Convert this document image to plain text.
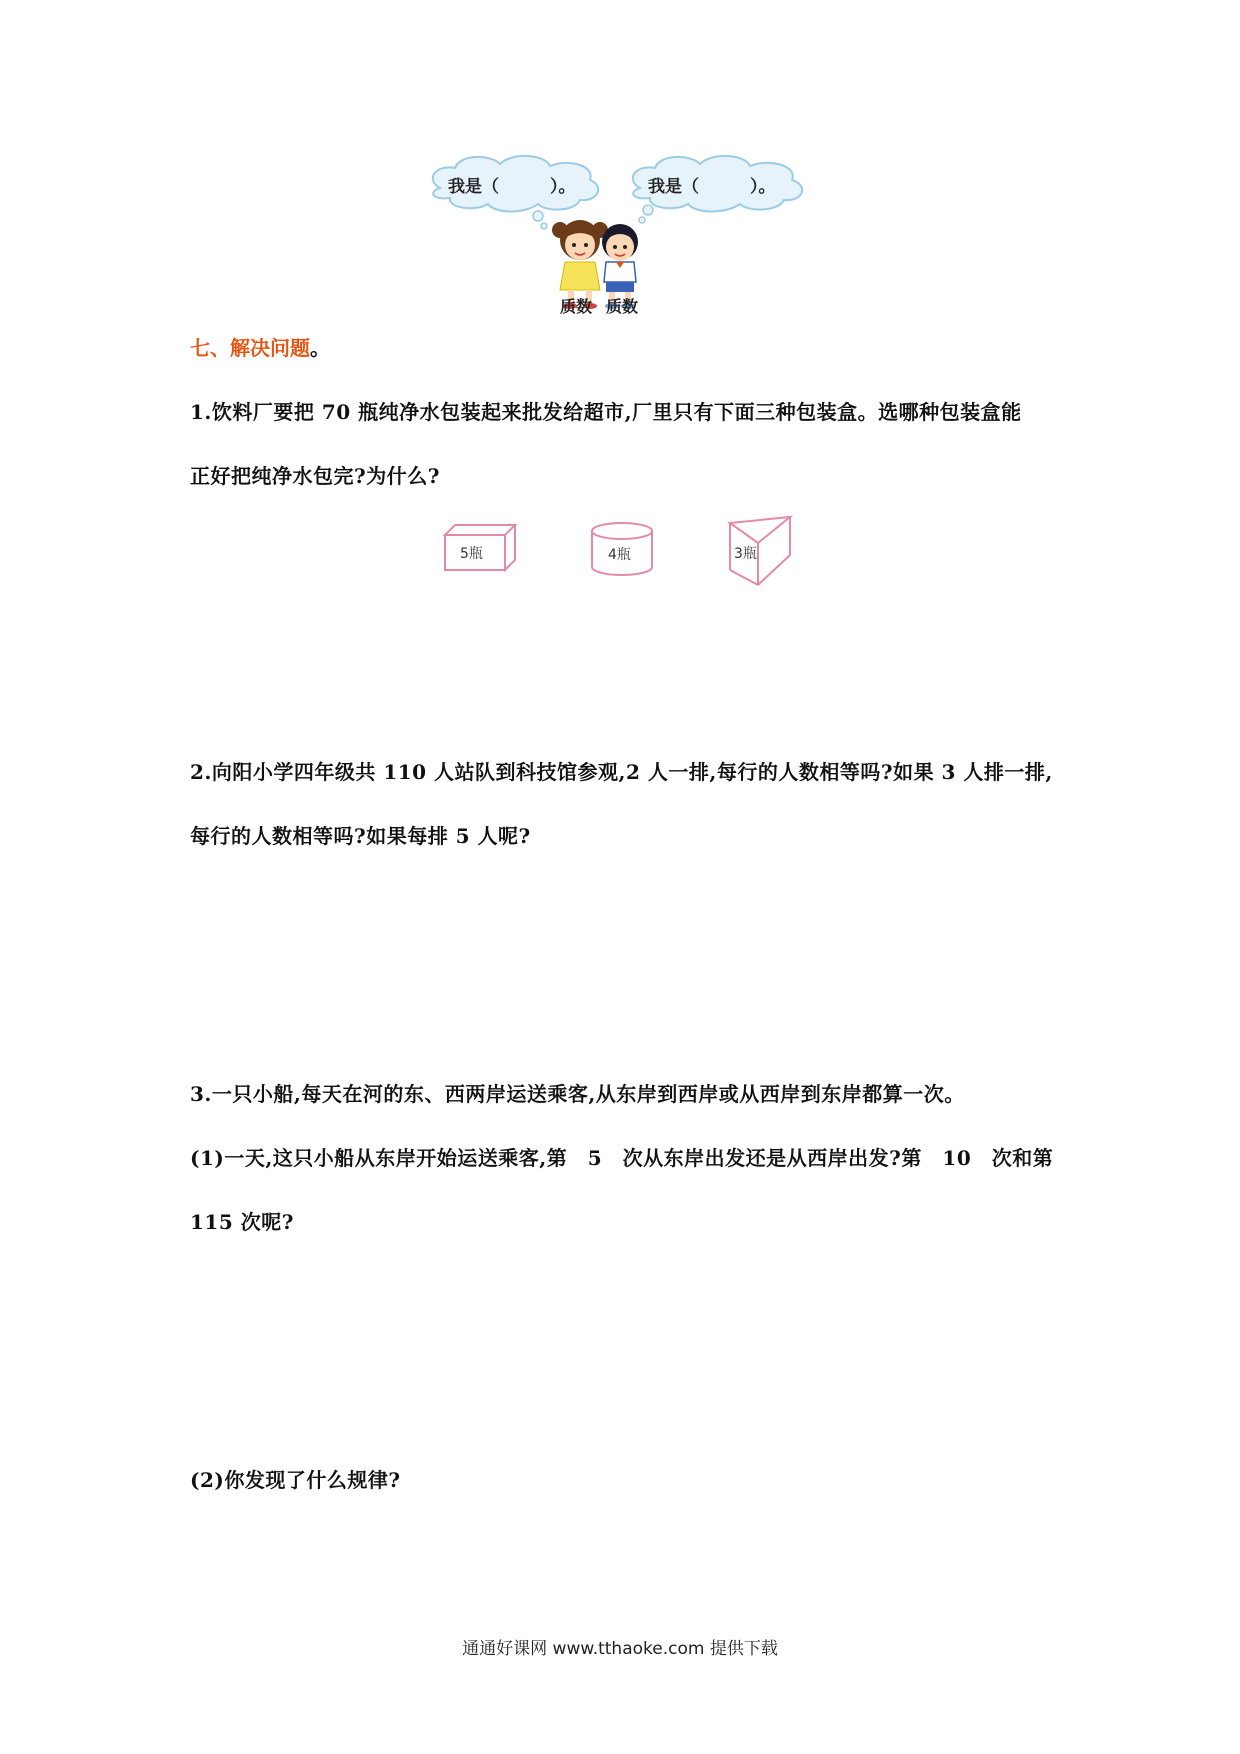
我是（　　　）。	我是（　　　）。
质数 质数
七、解决问题。
1.饮料厂要把 70 瓶纯净水包装起来批发给超市,厂里只有下面三种包装盒。选哪种包装盒能
正好把纯净水包完?为什么?
5瓶	4瓶	3瓶
2.向阳小学四年级共 110 人站队到科技馆参观,2 人一排,每行的人数相等吗?如果 3 人排一排,
每行的人数相等吗?如果每排 5 人呢?
3.一只小船,每天在河的东、西两岸运送乘客,从东岸到西岸或从西岸到东岸都算一次。
(1)一天,这只小船从东岸开始运送乘客,第　5　次从东岸出发还是从西岸出发?第　10　次和第
115 次呢?
(2)你发现了什么规律?
通通好课网 www.tthaoke.com 提供下载
